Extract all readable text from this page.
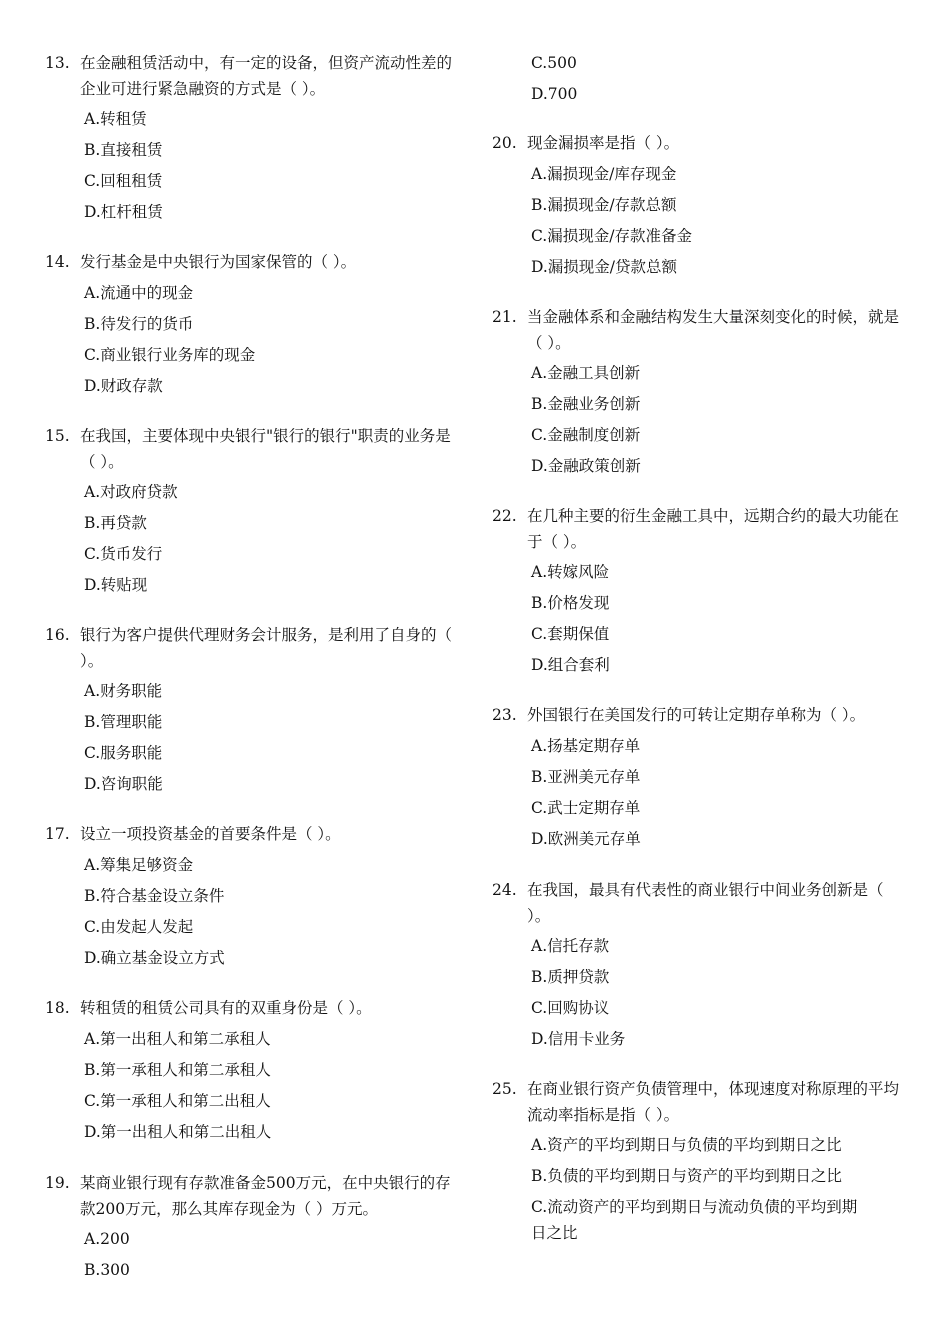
13. 在金融租赁活动中，有一定的设备，但资产流动性差的企业可进行紧急融资的方式是（ ）。
A.转租赁
B.直接租赁
C.回租租赁
D.杠杆租赁
14. 发行基金是中央银行为国家保管的（ ）。
A.流通中的现金
B.待发行的货币
C.商业银行业务库的现金
D.财政存款
15. 在我国，主要体现中央银行"银行的银行"职责的业务是（ ）。
A.对政府贷款
B.再贷款
C.货币发行
D.转贴现
16. 银行为客户提供代理财务会计服务，是利用了自身的（ ）。
A.财务职能
B.管理职能
C.服务职能
D.咨询职能
17. 设立一项投资基金的首要条件是（ ）。
A.筹集足够资金
B.符合基金设立条件
C.由发起人发起
D.确立基金设立方式
18. 转租赁的租赁公司具有的双重身份是（ ）。
A.第一出租人和第二承租人
B.第一承租人和第二承租人
C.第一承租人和第二出租人
D.第一出租人和第二出租人
19. 某商业银行现有存款准备金500万元，在中央银行的存款200万元，那么其库存现金为（ ）万元。
A.200
B.300
C.500
D.700
20. 现金漏损率是指（ ）。
A.漏损现金/库存现金
B.漏损现金/存款总额
C.漏损现金/存款准备金
D.漏损现金/贷款总额
21. 当金融体系和金融结构发生大量深刻变化的时候，就是（ ）。
A.金融工具创新
B.金融业务创新
C.金融制度创新
D.金融政策创新
22. 在几种主要的衍生金融工具中，远期合约的最大功能在于（ ）。
A.转嫁风险
B.价格发现
C.套期保值
D.组合套利
23. 外国银行在美国发行的可转让定期存单称为（ ）。
A.扬基定期存单
B.亚洲美元存单
C.武士定期存单
D.欧洲美元存单
24. 在我国，最具有代表性的商业银行中间业务创新是（ ）。
A.信托存款
B.质押贷款
C.回购协议
D.信用卡业务
25. 在商业银行资产负债管理中，体现速度对称原理的平均流动率指标是指（ ）。
A.资产的平均到期日与负债的平均到期日之比
B.负债的平均到期日与资产的平均到期日之比
C.流动资产的平均到期日与流动负债的平均到期日之比
